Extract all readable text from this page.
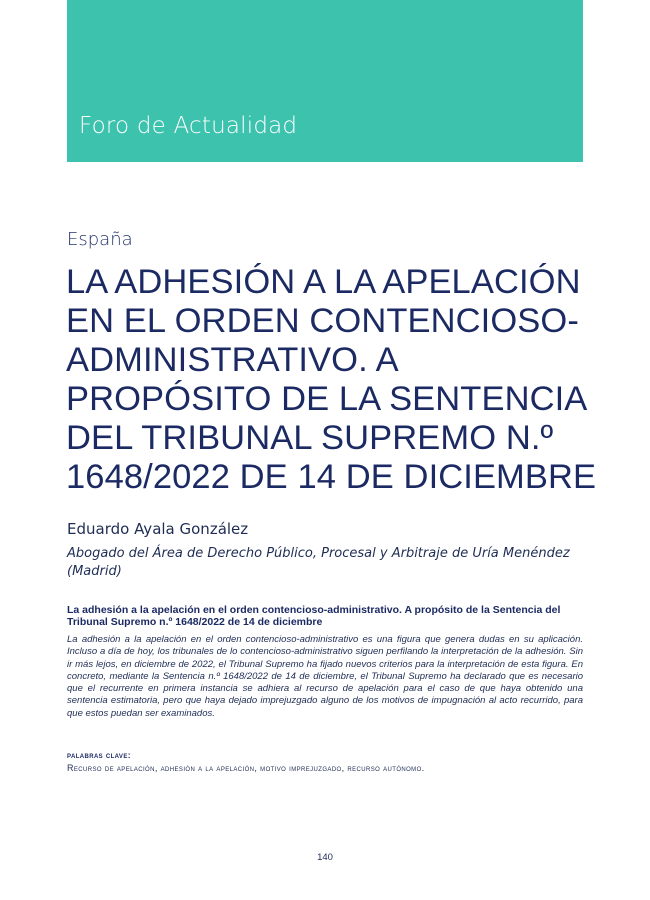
Foro de Actualidad
España
LA ADHESIÓN A LA APELACIÓN
EN EL ORDEN CONTENCIOSO-
ADMINISTRATIVO. A
PROPÓSITO DE LA SENTENCIA
DEL TRIBUNAL SUPREMO N.º
1648/2022 DE 14 DE DICIEMBRE
Eduardo Ayala González
Abogado del Área de Derecho Público, Procesal y Arbitraje de Uría Menéndez (Madrid)
La adhesión a la apelación en el orden contencioso-administrativo. A propósito de la Sentencia del Tribunal Supremo n.º 1648/2022 de 14 de diciembre

La adhesión a la apelación en el orden contencioso-administrativo es una figura que genera dudas en su aplicación. Incluso a día de hoy, los tribunales de lo contencioso-administrativo siguen perfilando la interpretación de la adhesión. Sin ir más lejos, en diciembre de 2022, el Tribunal Supremo ha fijado nuevos criterios para la interpretación de esta figura. En concreto, mediante la Sentencia n.º 1648/2022 de 14 de diciembre, el Tribunal Supremo ha declarado que es necesario que el recurrente en primera instancia se adhiera al recurso de apelación para el caso de que haya obtenido una sentencia estimatoria, pero que haya dejado imprejuzgado alguno de los motivos de impugnación al acto recurrido, para que estos puedan ser examinados.

palabras clave:
Recurso de apelación, adhesión a la apelación, motivo imprejuzgado, recurso autónomo.
140
